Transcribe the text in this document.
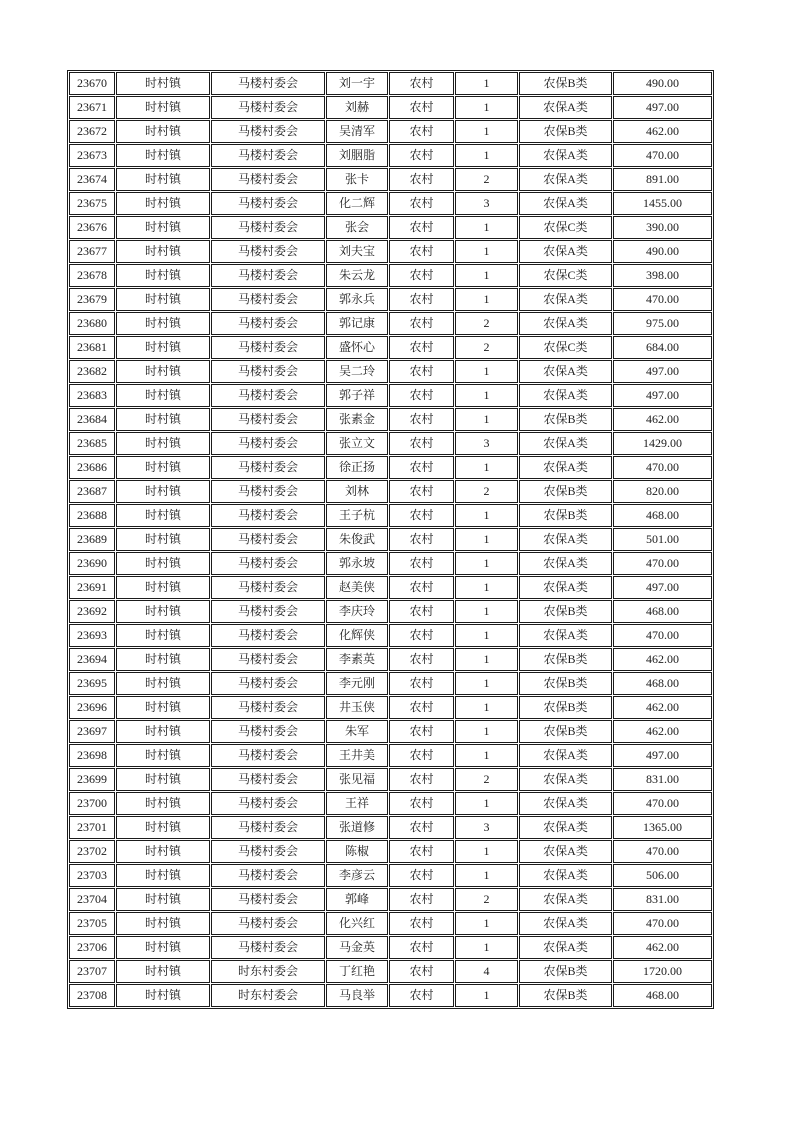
23670	时村镇	马楼村委会	刘一宇	农村	1	农保B类	490.00
23671	时村镇	马楼村委会	刘赫	农村	1	农保A类	497.00
23672	时村镇	马楼村委会	吴清军	农村	1	农保B类	462.00
23673	时村镇	马楼村委会	刘胭脂	农村	1	农保A类	470.00
23674	时村镇	马楼村委会	张卡	农村	2	农保A类	891.00
23675	时村镇	马楼村委会	化二辉	农村	3	农保A类	1455.00
23676	时村镇	马楼村委会	张会	农村	1	农保C类	390.00
23677	时村镇	马楼村委会	刘夫宝	农村	1	农保A类	490.00
23678	时村镇	马楼村委会	朱云龙	农村	1	农保C类	398.00
23679	时村镇	马楼村委会	郭永兵	农村	1	农保A类	470.00
23680	时村镇	马楼村委会	郭记康	农村	2	农保A类	975.00
23681	时村镇	马楼村委会	盛怀心	农村	2	农保C类	684.00
23682	时村镇	马楼村委会	吴二玲	农村	1	农保A类	497.00
23683	时村镇	马楼村委会	郭子祥	农村	1	农保A类	497.00
23684	时村镇	马楼村委会	张素金	农村	1	农保B类	462.00
23685	时村镇	马楼村委会	张立文	农村	3	农保A类	1429.00
23686	时村镇	马楼村委会	徐正扬	农村	1	农保A类	470.00
23687	时村镇	马楼村委会	刘林	农村	2	农保B类	820.00
23688	时村镇	马楼村委会	王子杭	农村	1	农保B类	468.00
23689	时村镇	马楼村委会	朱俊武	农村	1	农保A类	501.00
23690	时村镇	马楼村委会	郭永坡	农村	1	农保A类	470.00
23691	时村镇	马楼村委会	赵美侠	农村	1	农保A类	497.00
23692	时村镇	马楼村委会	李庆玲	农村	1	农保B类	468.00
23693	时村镇	马楼村委会	化辉侠	农村	1	农保A类	470.00
23694	时村镇	马楼村委会	李素英	农村	1	农保B类	462.00
23695	时村镇	马楼村委会	李元刚	农村	1	农保B类	468.00
23696	时村镇	马楼村委会	井玉侠	农村	1	农保B类	462.00
23697	时村镇	马楼村委会	朱军	农村	1	农保B类	462.00
23698	时村镇	马楼村委会	王井美	农村	1	农保A类	497.00
23699	时村镇	马楼村委会	张见福	农村	2	农保A类	831.00
23700	时村镇	马楼村委会	王祥	农村	1	农保A类	470.00
23701	时村镇	马楼村委会	张道修	农村	3	农保A类	1365.00
23702	时村镇	马楼村委会	陈椒	农村	1	农保A类	470.00
23703	时村镇	马楼村委会	李彦云	农村	1	农保A类	506.00
23704	时村镇	马楼村委会	郭峰	农村	2	农保A类	831.00
23705	时村镇	马楼村委会	化兴红	农村	1	农保A类	470.00
23706	时村镇	马楼村委会	马金英	农村	1	农保A类	462.00
23707	时村镇	时东村委会	丁红艳	农村	4	农保B类	1720.00
23708	时村镇	时东村委会	马良举	农村	1	农保B类	468.00
